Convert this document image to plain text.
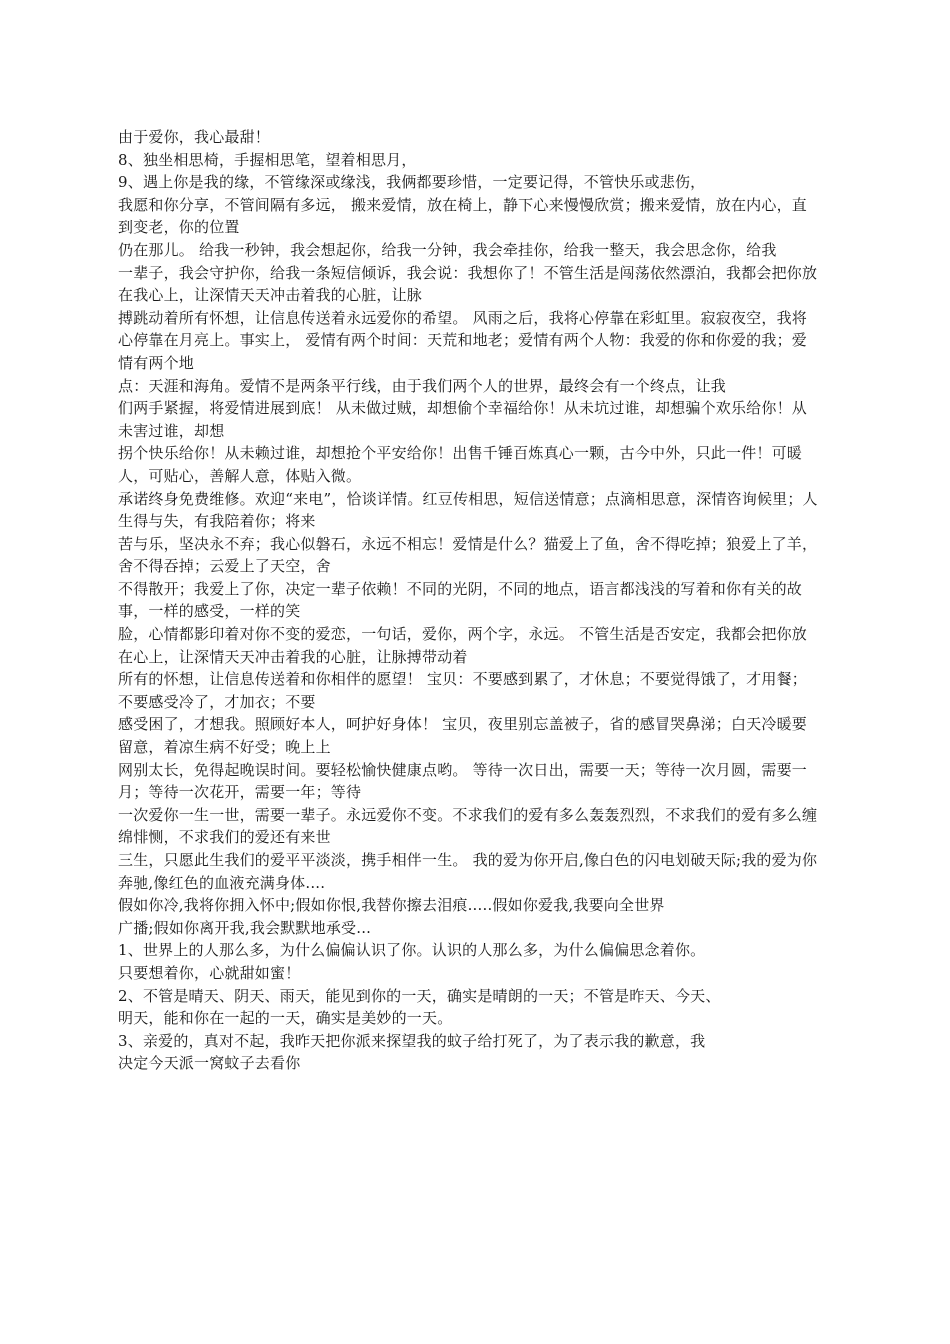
由于爱你，我心最甜！

8、独坐相思椅，手握相思笔，望着相思月，

9、遇上你是我的缘，不管缘深或缘浅，我俩都要珍惜，一定要记得，不管快乐或悲伤，

我愿和你分享，不管间隔有多远， 搬来爱情，放在椅上，静下心来慢慢欣赏；搬来爱情，放在内心，直到变老，你的位置

仍在那儿。 给我一秒钟，我会想起你，给我一分钟，我会牵挂你，给我一整天，我会思念你，给我

一辈子，我会守护你，给我一条短信倾诉，我会说：我想你了！不管生活是闯荡依然漂泊，我都会把你放在我心上，让深情天天冲击着我的心脏，让脉

搏跳动着所有怀想，让信息传送着永远爱你的希望。 风雨之后，我将心停靠在彩虹里。寂寂夜空，我将心停靠在月亮上。事实上， 爱情有两个时间：天荒和地老；爱情有两个人物：我爱的你和你爱的我；爱情有两个地

点：天涯和海角。爱情不是两条平行线，由于我们两个人的世界，最终会有一个终点，让我

们两手紧握，将爱情进展到底！ 从未做过贼，却想偷个幸福给你！从未坑过谁，却想骗个欢乐给你！从未害过谁，却想

拐个快乐给你！从未赖过谁，却想抢个平安给你！出售千锤百炼真心一颗，古今中外，只此一件！可暖人，可贴心，善解人意，体贴入微。

承诺终身免费维修。欢迎“来电”，恰谈详情。红豆传相思，短信送情意；点滴相思意，深情咨询候里；人生得与失，有我陪着你；将来

苦与乐，坚决永不弃；我心似磐石，永远不相忘！爱情是什么？猫爱上了鱼，舍不得吃掉；狼爱上了羊，舍不得吞掉；云爱上了天空，舍

不得散开；我爱上了你，决定一辈子依赖！不同的光阴，不同的地点，语言都浅浅的写着和你有关的故事，一样的感受，一样的笑

脸，心情都影印着对你不变的爱恋，一句话，爱你，两个字，永远。 不管生活是否安定，我都会把你放在心上，让深情天天冲击着我的心脏，让脉搏带动着

所有的怀想，让信息传送着和你相伴的愿望！ 宝贝：不要感到累了，才休息；不要觉得饿了，才用餐；不要感受冷了，才加衣；不要

感受困了，才想我。照顾好本人，呵护好身体！ 宝贝，夜里别忘盖被子，省的感冒哭鼻涕；白天冷暖要留意，着凉生病不好受；晚上上

网别太长，免得起晚误时间。要轻松愉快健康点哟。 等待一次日出，需要一天；等待一次月圆，需要一月；等待一次花开，需要一年；等待

一次爱你一生一世，需要一辈子。永远爱你不变。不求我们的爱有多么轰轰烈烈，不求我们的爱有多么缠绵悱恻，不求我们的爱还有来世

三生，只愿此生我们的爱平平淡淡，携手相伴一生。 我的爱为你开启,像白色的闪电划破天际;我的爱为你奔驰,像红色的血液充满身体....

假如你冷,我将你拥入怀中;假如你恨,我替你擦去泪痕.....假如你爱我,我要向全世界

广播;假如你离开我,我会默默地承受...

1、世界上的人那么多，为什么偏偏认识了你。认识的人那么多，为什么偏偏思念着你。

只要想着你，心就甜如蜜！

2、不管是晴天、阴天、雨天，能见到你的一天，确实是晴朗的一天；不管是昨天、今天、

明天，能和你在一起的一天，确实是美妙的一天。

3、亲爱的，真对不起，我昨天把你派来探望我的蚊子给打死了，为了表示我的歉意，我

决定今天派一窝蚊子去看你
